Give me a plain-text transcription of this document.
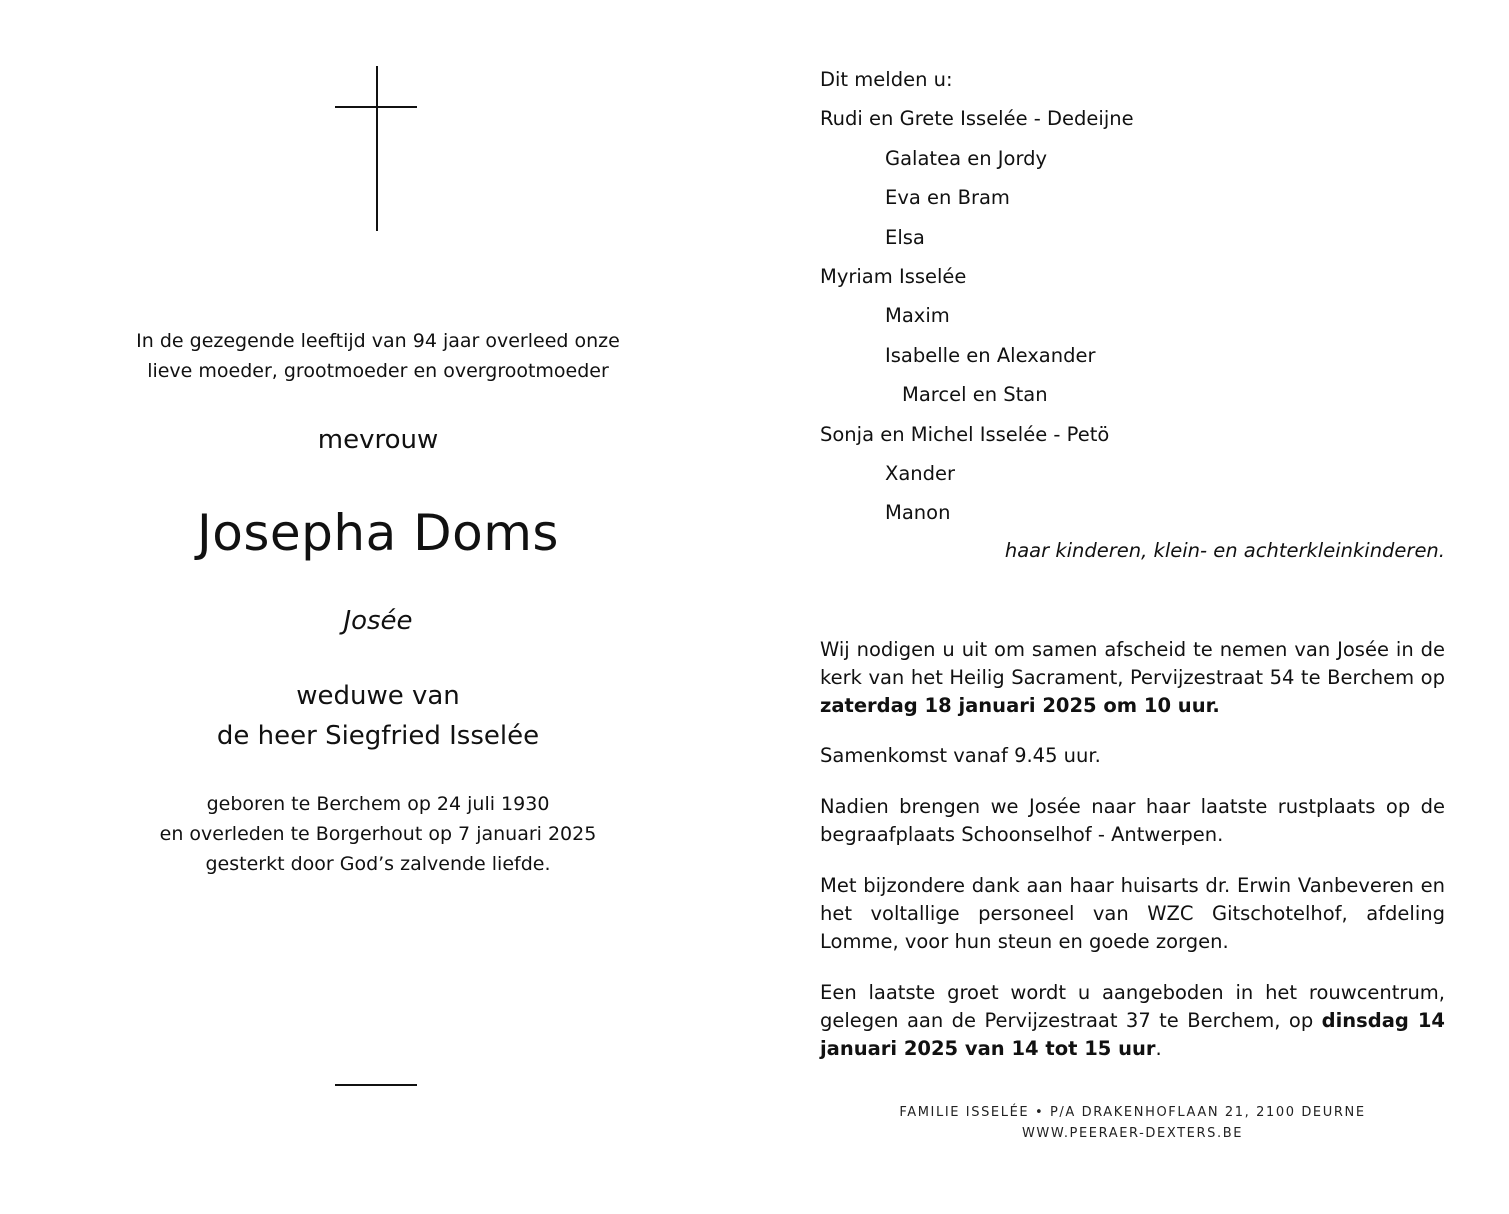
In de gezegende leeftijd van 94 jaar overleed onze
lieve moeder, grootmoeder en overgrootmoeder
mevrouw
Josepha Doms
Josée
weduwe van
de heer Siegfried Isselée
geboren te Berchem op 24 juli 1930
en overleden te Borgerhout op 7 januari 2025
gesterkt door God’s zalvende liefde.
Dit melden u:
Rudi en Grete Isselée - Dedeijne
Galatea en Jordy
Eva en Bram
Elsa
Myriam Isselée
Maxim
Isabelle en Alexander
Marcel en Stan
Sonja en Michel Isselée - Petö
Xander
Manon
haar kinderen, klein- en achterkleinkinderen.
Wij nodigen u uit om samen afscheid te nemen van Josée in de kerk van het Heilig Sacrament, Pervijzestraat 54 te Berchem op zaterdag 18 januari 2025 om 10 uur.
Samenkomst vanaf 9.45 uur.
Nadien brengen we Josée naar haar laatste rustplaats op de begraafplaats Schoonselhof - Antwerpen.
Met bijzondere dank aan haar huisarts dr. Erwin Vanbeveren en het voltallige personeel van WZC Gitschotelhof, afdeling Lomme, voor hun steun en goede zorgen.
Een laatste groet wordt u aangeboden in het rouwcentrum, gelegen aan de Pervijzestraat 37 te Berchem, op dinsdag 14 januari 2025 van 14 tot 15 uur.
FAMILIE ISSELÉE • P/A DRAKENHOFLAAN 21, 2100 DEURNE
WWW.PEERAER-DEXTERS.BE
